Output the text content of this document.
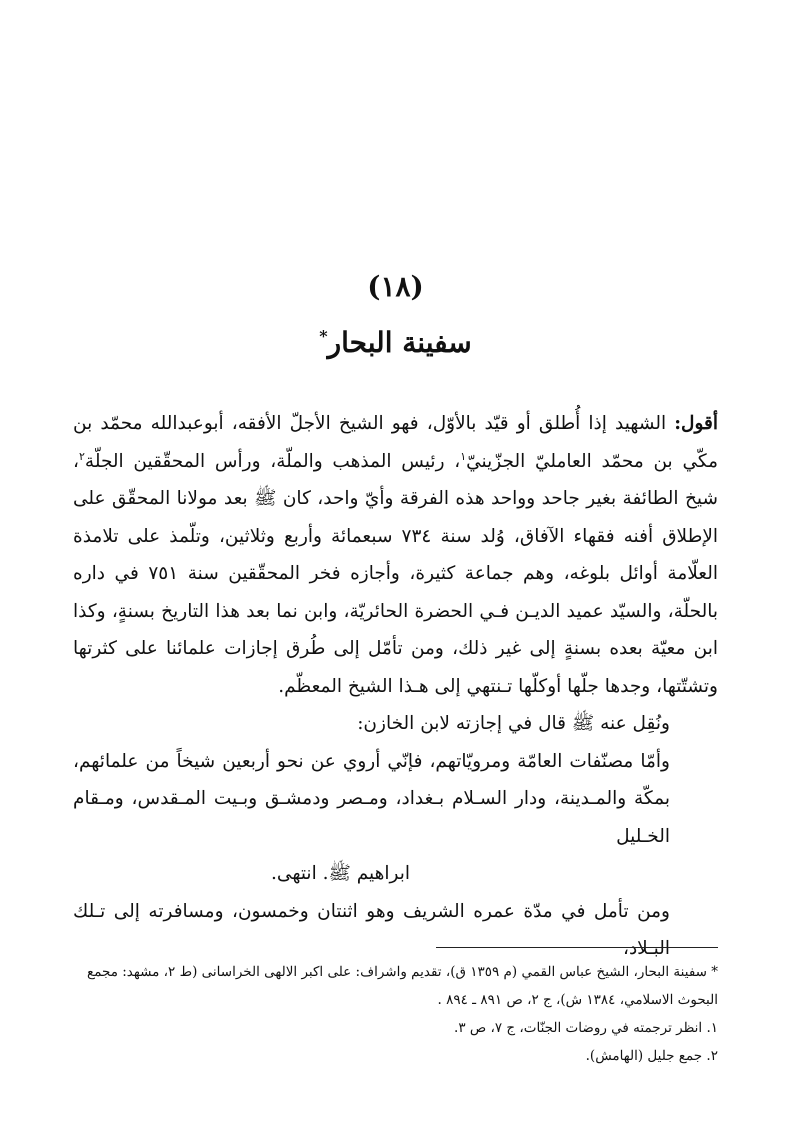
(١٨)
سفينة البحار*

أقول: الشهيد إذا أُطلق أو قيّد بالأوّل، فهو الشيخ الأجلّ الأفقه، أبوعبدالله محمّد بن مكّي بن محمّد العامليّ الجزّينيّ$^١$، رئيس المذهب والملّة، ورأس المحقّقين الجلّة$^٢$، شيخ الطائفة بغير جاحد وواحد هذه الفرقة وأيّ واحد، كان ﷺ بعد مولانا المحقّق على الإطلاق أفنه فقهاء الآفاق، وُلد سنة ٧٣٤ سبعمائة وأربع وثلاثين، وتلّمذ على تلامذة العلّامة أوائل بلوغه، وهم جماعة كثيرة، وأجازه فخر المحقّقين سنة ٧٥١ في داره بالحلّة، والسيّد عميد الديـن فـي الحضرة الحائريّة، وابن نما بعد هذا التاريخ بسنةٍ، وكذا ابن معيّة بعده بسنةٍ إلى غير ذلك، ومن تأمّل إلى طُرق إجازات علمائنا على كثرتها وتشتّتها، وجدها جلّها أوكلّها تـنتهي إلى هـذا الشيخ المعظّم.

ونُقِل عنه ﷺ قال في إجازته لابن الخازن:

وأمّا مصنّفات العامّة ومرويّاتهم، فإنّي أروي عن نحو أربعين شيخاً من علمائهم، بمكّة والمـدينة، ودار السـلام بـغداد، ومـصر ودمشـق وبـيت المـقدس، ومـقام الخـليل

ابراهيم ﷺ. انتهى.

ومن تأمل في مدّة عمره الشريف وهو اثنتان وخمسون، ومسافرته إلى تـلك البـلاد،

* سفينة البحار، الشيخ عباس القمي (م ١٣٥٩ ق)، تقديم واشراف: علی اكبر الالهی الخراسانی (ط ٢، مشهد: مجمع البحوث الاسلامي، ١٣٨٤ ش)، ج ٢، ص ٨٩١ ـ ٨٩٤ .

١. انظر ترجمته في روضات الجنّات، ج ٧، ص ٣.

٢. جمع جليل (الهامش).
